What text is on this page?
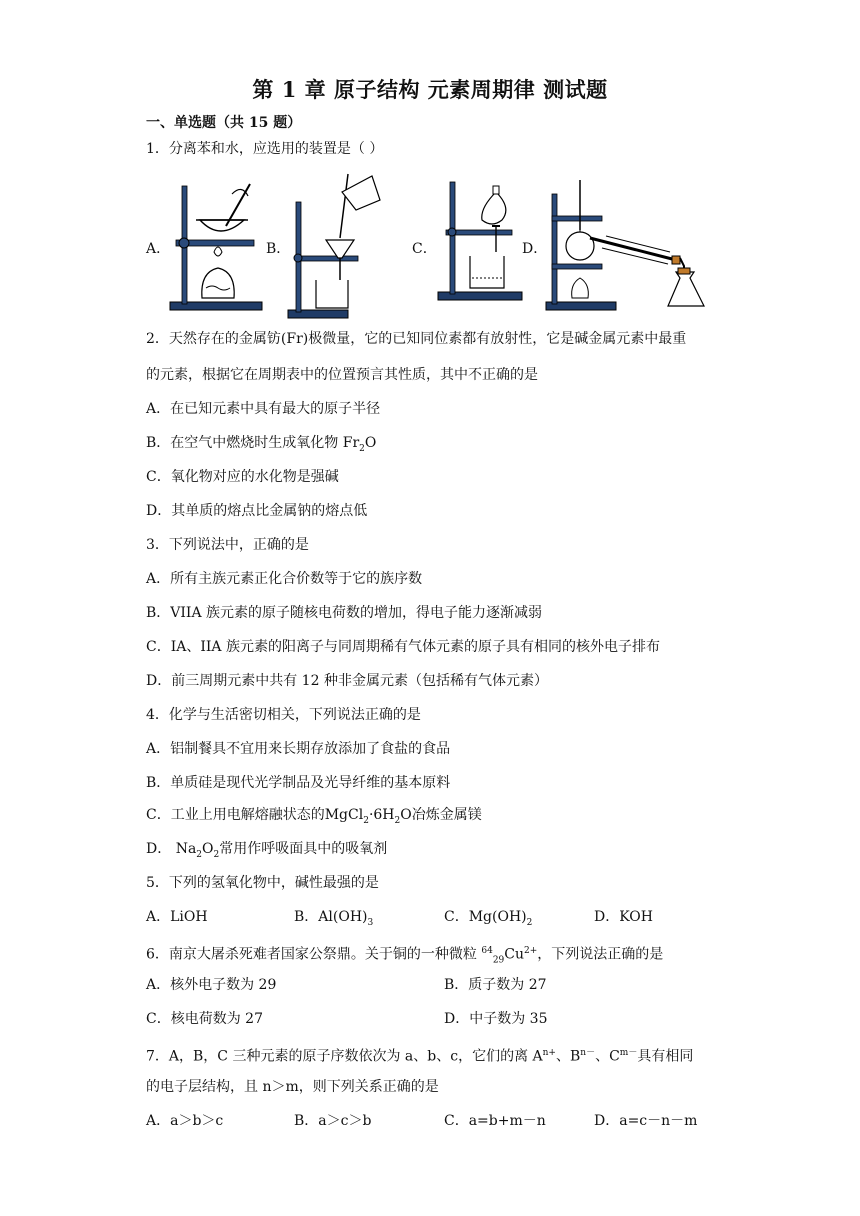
第 1 章 原子结构 元素周期律 测试题
一、单选题（共 15 题）
1．分离苯和水，应选用的装置是（ ）
A．	B．	C．	D．
2．天然存在的金属钫(Fr)极微量，它的已知同位素都有放射性，它是碱金属元素中最重
的元素，根据它在周期表中的位置预言其性质，其中不正确的是
A．在已知元素中具有最大的原子半径
B．在空气中燃烧时生成氧化物 $Fr_2O$
C．氧化物对应的水化物是强碱
D．其单质的熔点比金属钠的熔点低
3．下列说法中，正确的是
A．所有主族元素正化合价数等于它的族序数
B．VIIA 族元素的原子随核电荷数的增加，得电子能力逐渐减弱
C．IA、IIA 族元素的阳离子与同周期稀有气体元素的原子具有相同的核外电子排布
D．前三周期元素中共有 12 种非金属元素（包括稀有气体元素）
4．化学与生活密切相关，下列说法正确的是
A．铝制餐具不宜用来长期存放添加了食盐的食品
B．单质硅是现代光学制品及光导纤维的基本原料
C．工业上用电解熔融状态的$MgCl_2\cdot 6H_2O$冶炼金属镁
D． $Na_2O_2$常用作呼吸面具中的吸氧剂
5．下列的氢氧化物中，碱性最强的是
A．LiOH	B．$Al(OH)_3$	C．$Mg(OH)_2$	D．KOH
6．南京大屠杀死难者国家公祭鼎。关于铜的一种微粒 $^{64}_{29}Cu^{2+}$，下列说法正确的是
A．核外电子数为 29	B．质子数为 27
C．核电荷数为 27	D．中子数为 35
7．A，B，C 三种元素的原子序数依次为 a、b、c，它们的离 $A^{n+}$、$B^{n-}$、$C^{m-}$具有相同
的电子层结构，且 n＞m，则下列关系正确的是
A．a＞b＞c	B．a＞c＞b	C．a=b+m－n	D．a=c－n－m
